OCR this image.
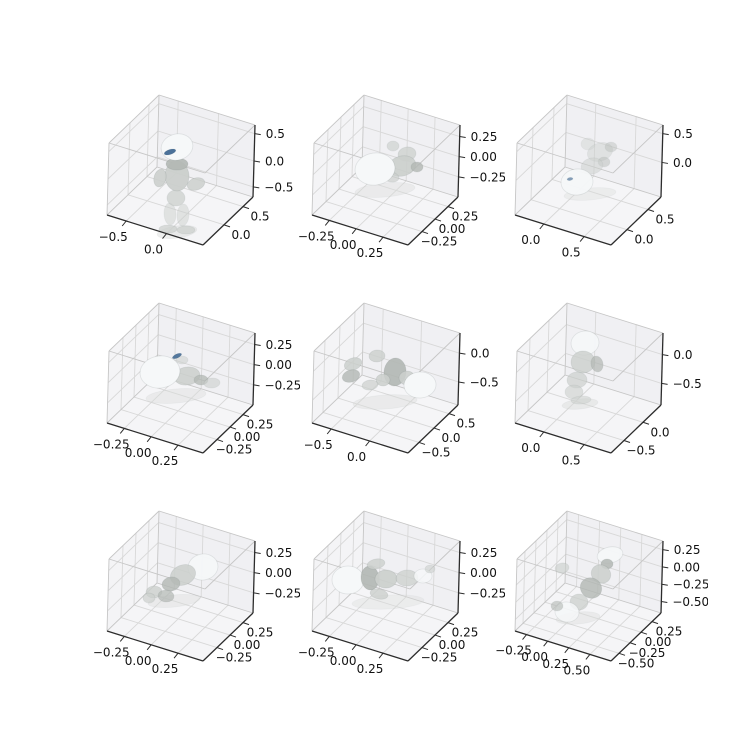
−0.5
0.0
0.0
0.5
−0.5
0.0
0.5
−0.25
0.00
0.25
−0.25
0.00
0.25
−0.25
0.00
0.25
0.0
0.5
0.0
0.5
0.0
0.5
−0.25
0.00
0.25
−0.25
0.00
0.25
−0.25
0.00
0.25
−0.5
0.0	−0.5
0.0
0.5
−0.5
0.0
0.0
0.5
−0.5
0.0
−0.5
0.0
−0.25
0.00
0.25
−0.25
0.00
0.25
−0.25
0.00
0.25
−0.25
0.00
0.25
−0.25
0.00
0.25
−0.25
0.00
0.25
−0.25
0.00
0.25
0.50
−0.50
−0.25
0.00
0.25
−0.50
−0.25
0.00
0.25
